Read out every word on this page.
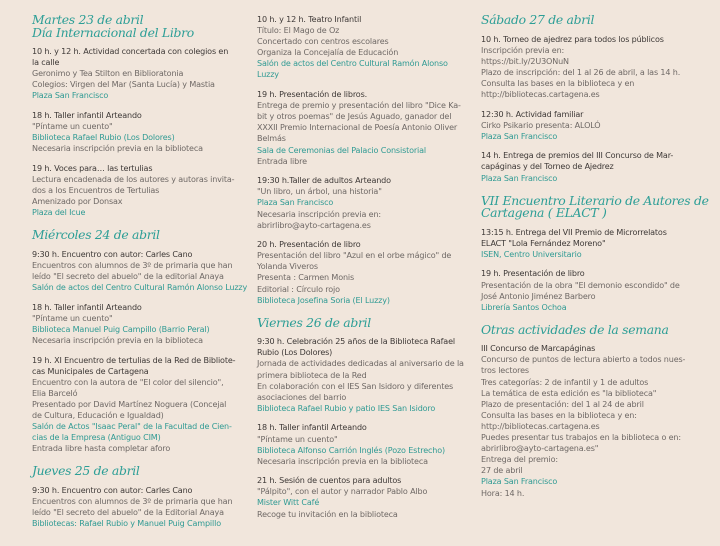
Martes 23 de abril
Día Internacional del Libro
10 h. y 12 h. Actividad concertada con colegios en
la calle
Geronimo y Tea Stilton en Biblioratonia
Colegios: Virgen del Mar (Santa Lucía) y Mastia
Plaza San Francisco
18 h. Taller infantil Arteando
"Píntame un cuento"
Biblioteca Rafael Rubio (Los Dolores)
Necesaria inscripción previa en la biblioteca
19 h. Voces para… las tertulias
Lectura encadenada de los autores y autoras invita-
dos a los Encuentros de Tertulias
Amenizado por Donsax
Plaza del Icue
Miércoles 24 de abril
9:30 h. Encuentro con autor: Carles Cano
Encuentros con alumnos de 3º de primaria que han
leído "El secreto del abuelo" de la editorial Anaya
Salón de actos del Centro Cultural Ramón Alonso Luzzy
18 h. Taller infantil Arteando
"Píntame un cuento"
Biblioteca Manuel Puig Campillo (Barrio Peral)
Necesaria inscripción previa en la biblioteca
19 h. XI Encuentro de tertulias de la Red de Bibliote-
cas Municipales de Cartagena
Encuentro con la autora de "El color del silencio",
Elia Barceló
Presentado por David Martínez Noguera (Concejal
de Cultura, Educación e Igualdad)
Salón de Actos "Isaac Peral" de la Facultad de Cien-
cias de la Empresa (Antiguo CIM)
Entrada libre hasta completar aforo
Jueves 25 de abril
9:30 h. Encuentro con autor: Carles Cano
Encuentros con alumnos de 3º de primaria que han
leído "El secreto del abuelo" de la Editorial Anaya
Bibliotecas: Rafael Rubio y Manuel Puig Campillo
10 h. y 12 h. Teatro Infantil
Título: El Mago de Oz
Concertado con centros escolares
Organiza la Concejalía de Educación
Salón de actos del Centro Cultural Ramón Alonso
Luzzy
19 h. Presentación de libros.
Entrega de premio y presentación del libro "Dice Ka-
bit y otros poemas" de Jesús Aguado, ganador del
XXXII Premio Internacional de Poesía Antonio Oliver
Belmás
Sala de Ceremonias del Palacio Consistorial
Entrada libre
19:30 h.Taller de adultos Arteando
"Un libro, un árbol, una historia"
Plaza San Francisco
Necesaria inscripción previa en:
abrirlibro@ayto-cartagena.es
20 h. Presentación de libro
Presentación del libro "Azul en el orbe mágico" de
Yolanda Viveros
Presenta : Carmen Monis
Editorial : Círculo rojo
Biblioteca Josefina Soria (El Luzzy)
Viernes 26 de abril
9:30 h. Celebración 25 años de la Biblioteca Rafael
Rubio (Los Dolores)
Jornada de actividades dedicadas al aniversario de la
primera biblioteca de la Red
En colaboración con el IES San Isidoro y diferentes
asociaciones del barrio
Biblioteca Rafael Rubio y patio IES San Isidoro
18 h. Taller infantil Arteando
"Píntame un cuento"
Biblioteca Alfonso Carrión Inglés (Pozo Estrecho)
Necesaria inscripción previa en la biblioteca
21 h. Sesión de cuentos para adultos
"Pálpito", con el autor y narrador Pablo Albo
Mister Witt Café
Recoge tu invitación en la biblioteca
Sábado 27 de abril
10 h. Torneo de ajedrez para todos los públicos
Inscripción previa en:
https://bit.ly/2U3ONuN
Plazo de inscripción: del 1 al 26 de abril, a las 14 h.
Consulta las bases en la biblioteca y en
http://bibliotecas.cartagena.es
12:30 h. Actividad familiar
Cirko Psikario presenta: ALOLÓ
Plaza San Francisco
14 h. Entrega de premios del III Concurso de Mar-
capáginas y del Torneo de Ajedrez
Plaza San Francisco
VII Encuentro Literario de Autores de
Cartagena ( ELACT )
13:15 h. Entrega del VII Premio de Microrrelatos
ELACT "Lola Fernández Moreno"
ISEN, Centro Universitario
19 h. Presentación de libro
Presentación de la obra "El demonio escondido" de
José Antonio Jiménez Barbero
Librería Santos Ochoa
Otras actividades de la semana
III Concurso de Marcapáginas
Concurso de puntos de lectura abierto a todos nues-
tros lectores
Tres categorías: 2 de infantil y 1 de adultos
La temática de esta edición es "la biblioteca"
Plazo de presentación: del 1 al 24 de abril
Consulta las bases en la biblioteca y en:
http://bibliotecas.cartagena.es
Puedes presentar tus trabajos en la biblioteca o en:
abrirlibro@ayto-cartagena.es"
Entrega del premio:
27 de abril
Plaza San Francisco
Hora: 14 h.
